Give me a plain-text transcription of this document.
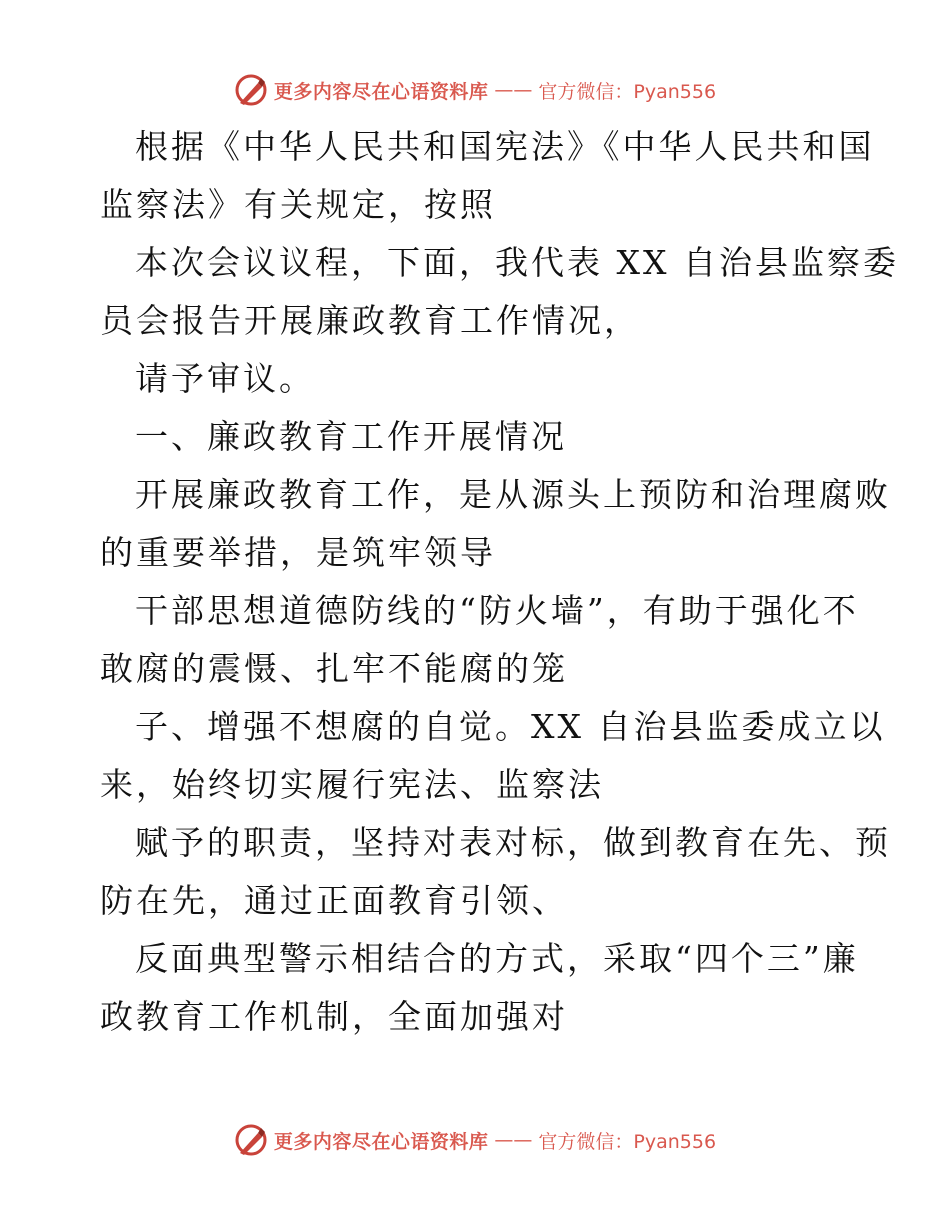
更多内容尽在心语资料库 —— 官方微信：Pyan556
根据《中华人民共和国宪法》《中华人民共和国
监察法》有关规定，按照
本次会议议程，下面，我代表 XX 自治县监察委
员会报告开展廉政教育工作情况，
请予审议。
一、廉政教育工作开展情况
开展廉政教育工作，是从源头上预防和治理腐败
的重要举措，是筑牢领导
干部思想道德防线的“防火墙”，有助于强化不
敢腐的震慑、扎牢不能腐的笼
子、增强不想腐的自觉。XX 自治县监委成立以
来，始终切实履行宪法、监察法
赋予的职责，坚持对表对标，做到教育在先、预
防在先，通过正面教育引领、
反面典型警示相结合的方式，采取“四个三”廉
政教育工作机制，全面加强对
更多内容尽在心语资料库 —— 官方微信：Pyan556
